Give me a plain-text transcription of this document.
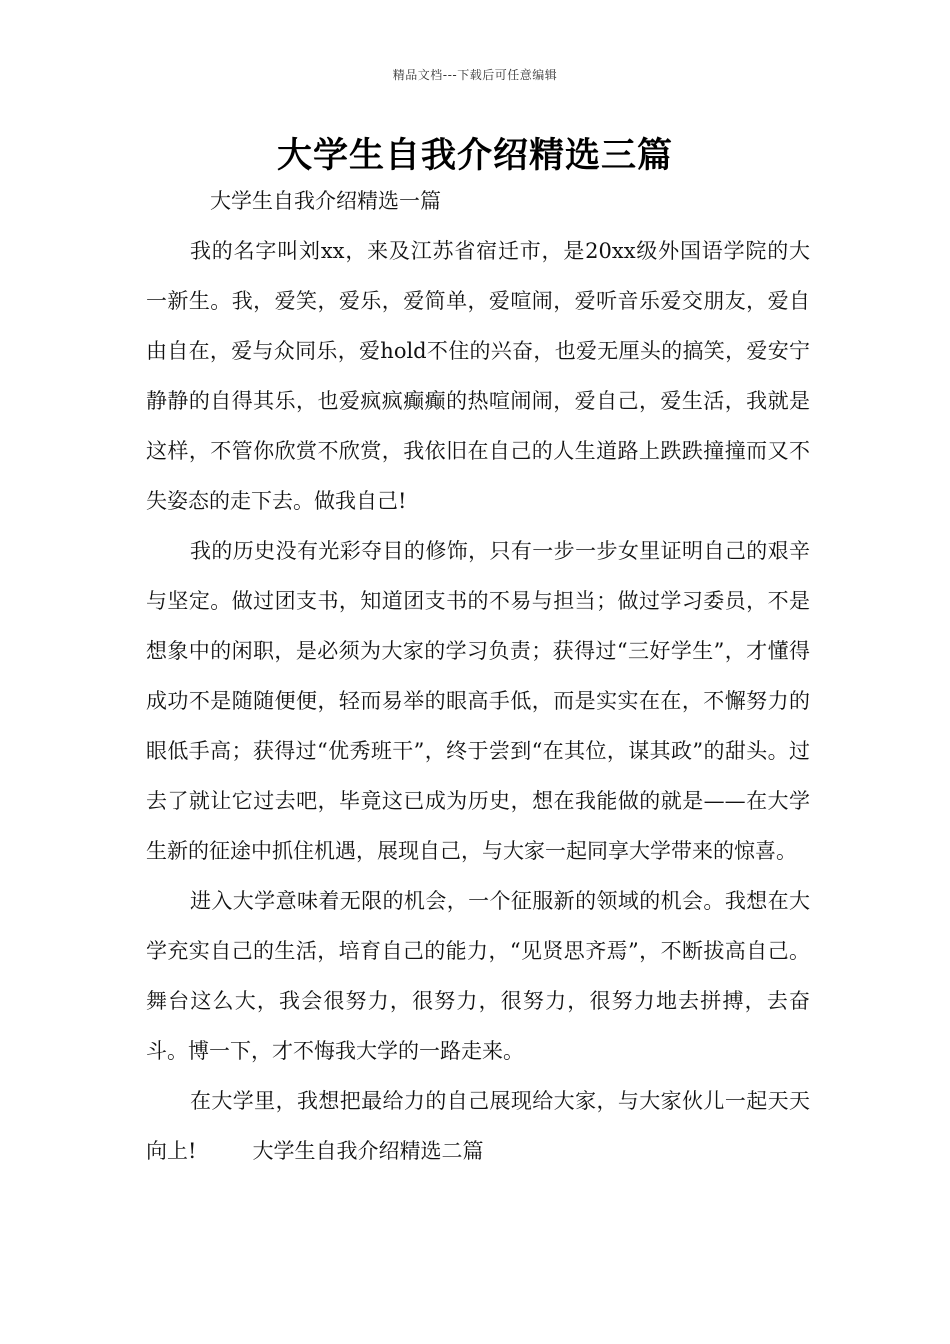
精品文档---下载后可任意编辑
大学生自我介绍精选三篇

大学生自我介绍精选一篇

我的名字叫刘xx，来及江苏省宿迁市，是20xx级外国语学院的大一新生。我，爱笑，爱乐，爱简单，爱喧闹，爱听音乐爱交朋友，爱自由自在，爱与众同乐，爱hold不住的兴奋，也爱无厘头的搞笑，爱安宁静静的自得其乐，也爱疯疯癫癫的热喧闹闹，爱自己，爱生活，我就是这样，不管你欣赏不欣赏，我依旧在自己的人生道路上跌跌撞撞而又不失姿态的走下去。做我自己!

我的历史没有光彩夺目的修饰，只有一步一步女里证明自己的艰辛与坚定。做过团支书，知道团支书的不易与担当；做过学习委员，不是想象中的闲职，是必须为大家的学习负责；获得过“三好学生”，才懂得成功不是随随便便，轻而易举的眼高手低，而是实实在在，不懈努力的眼低手高；获得过“优秀班干”，终于尝到“在其位，谋其政”的甜头。过去了就让它过去吧，毕竟这已成为历史，想在我能做的就是——在大学生新的征途中抓住机遇，展现自己，与大家一起同享大学带来的惊喜。

进入大学意味着无限的机会，一个征服新的领域的机会。我想在大学充实自己的生活，培育自己的能力，“见贤思齐焉”，不断拔高自己。舞台这么大，我会很努力，很努力，很努力，很努力地去拼搏，去奋斗。博一下，才不悔我大学的一路走来。

在大学里，我想把最给力的自己展现给大家，与大家伙儿一起天天向上!	大学生自我介绍精选二篇
